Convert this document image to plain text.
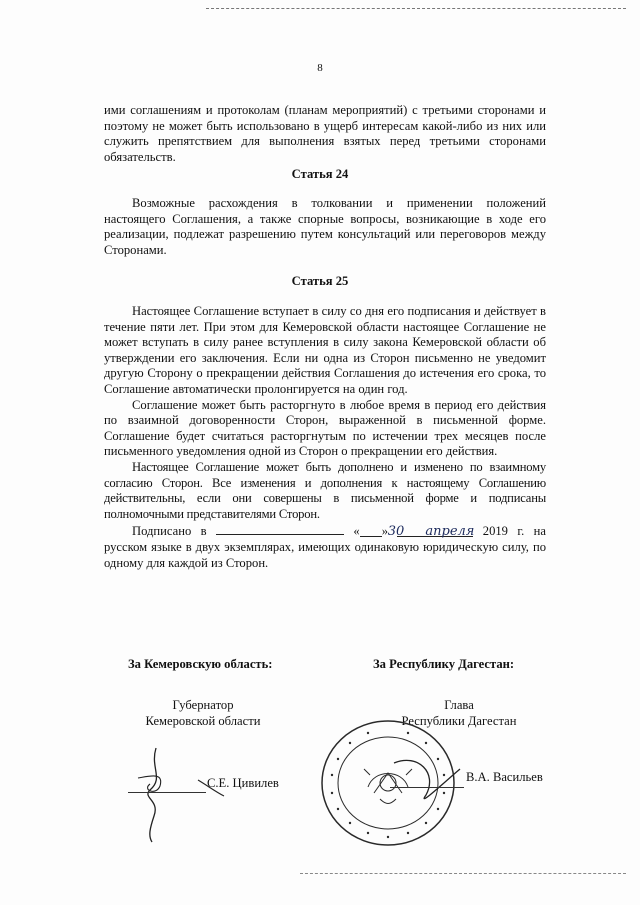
8

ими соглашениям и протоколам (планам мероприятий) с третьими сторонами и поэтому не может быть использовано в ущерб интересам какой-либо из них или служить препятствием для выполнения взятых перед третьими сторонами обязательств.

Статья 24

Возможные расхождения в толковании и применении положений настоящего Соглашения, а также спорные вопросы, возникающие в ходе его реализации, подлежат разрешению путем консультаций или переговоров между Сторонами.

Статья 25

Настоящее Соглашение вступает в силу со дня его подписания и действует в течение пяти лет. При этом для Кемеровской области настоящее Соглашение не может вступать в силу ранее вступления в силу закона Кемеровской области об утверждении его заключения. Если ни одна из Сторон письменно не уведомит другую Сторону о прекращении действия Соглашения до истечения его срока, то Соглашение автоматически пролонгируется на один год.

Соглашение может быть расторгнуто в любое время в период его действия по взаимной договоренности Сторон, выраженной в письменной форме. Соглашение будет считаться расторгнутым по истечении трех месяцев после письменного уведомления одной из Сторон о прекращении его действия.

Настоящее Соглашение может быть дополнено и изменено по взаимному согласию Сторон. Все изменения и дополнения к настоящему Соглашению действительны, если они совершены в письменной форме и подписаны полномочными представителями Сторон.

Подписано в	« 30»	апреля 2019 г. на русском языке в двух экземплярах, имеющих одинаковую юридическую силу, по одному для каждой из Сторон.

За Кемеровскую область:	За Республику Дагестан:
Губернатор
Кемеровской области
Глава
Республики Дагестан
С.Е. Цивилев	В.А. Васильев
